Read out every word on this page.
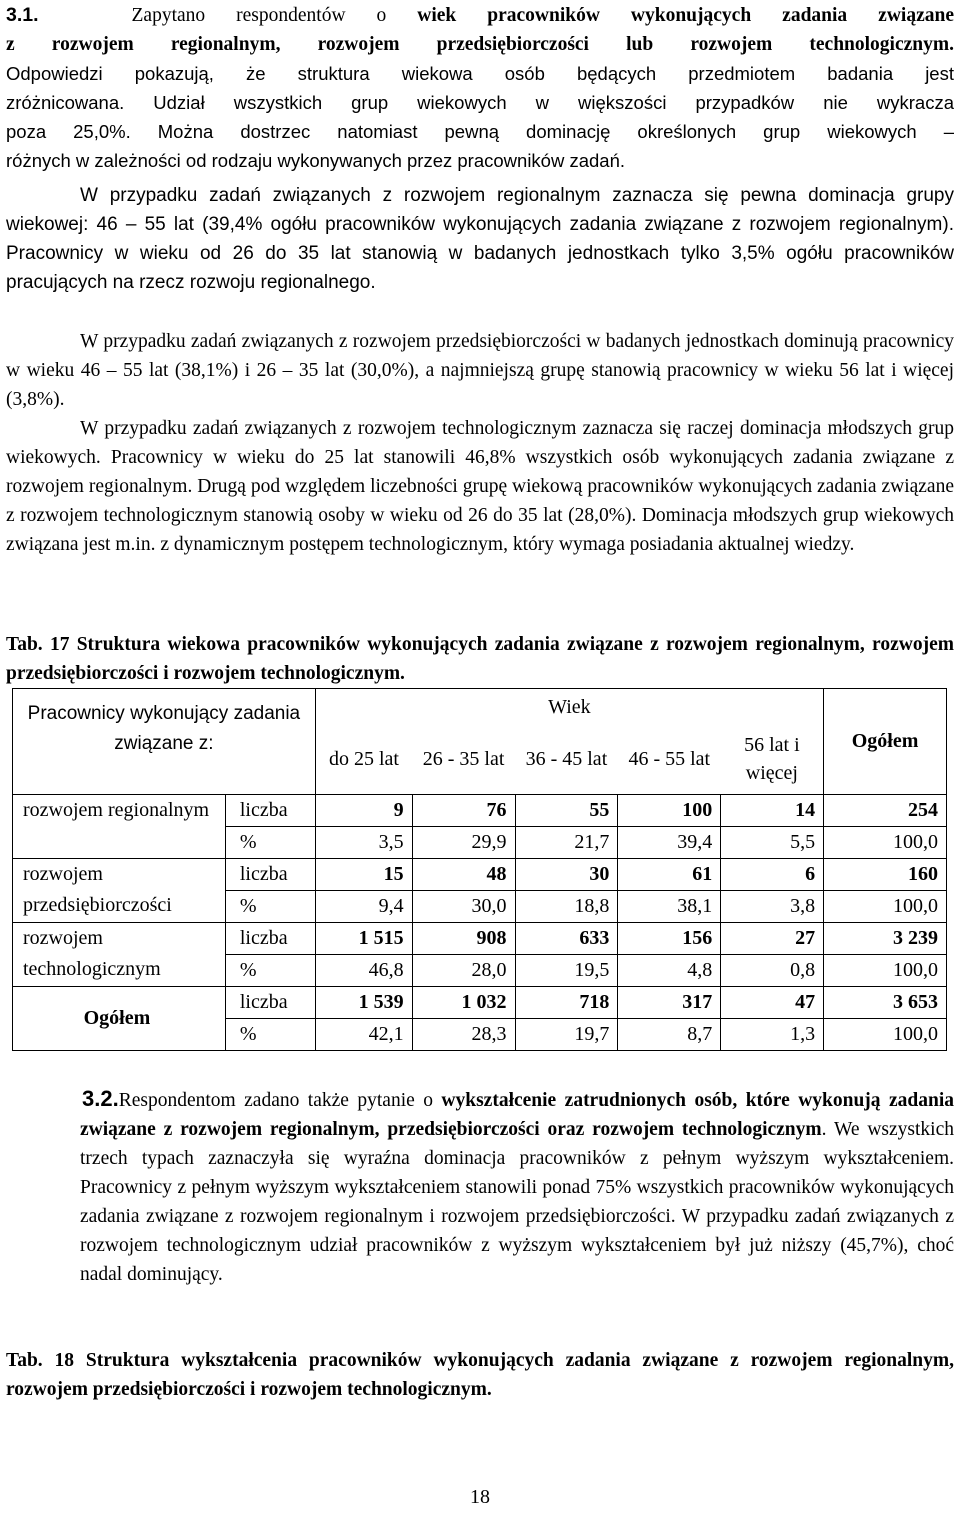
3.1.	Zapytano respondentów o wiek pracowników wykonujących zadania związane
z rozwojem regionalnym, rozwojem przedsiębiorczości lub rozwojem technologicznym.
Odpowiedzi pokazują, że struktura wiekowa osób będących przedmiotem badania jest
zróżnicowana. Udział wszystkich grup wiekowych w większości przypadków nie wykracza
poza 25,0%. Można dostrzec natomiast pewną dominację określonych grup wiekowych –
różnych w zależności od rodzaju wykonywanych przez pracowników zadań.

W przypadku zadań związanych z rozwojem regionalnym zaznacza się pewna dominacja grupy wiekowej: 46 – 55 lat (39,4% ogółu pracowników wykonujących zadania związane z rozwojem regionalnym). Pracownicy w wieku od 26 do 35 lat stanowią w badanych jednostkach tylko 3,5% ogółu pracowników pracujących na rzecz rozwoju regionalnego.

W przypadku zadań związanych z rozwojem przedsiębiorczości w badanych jednostkach dominują pracownicy w wieku 46 – 55 lat (38,1%) i 26 – 35 lat (30,0%), a najmniejszą grupę stanowią pracownicy w wieku 56 lat i więcej (3,8%).

W przypadku zadań związanych z rozwojem technologicznym zaznacza się raczej dominacja młodszych grup wiekowych. Pracownicy w wieku do 25 lat stanowili 46,8% wszystkich osób wykonujących zadania związane z rozwojem regionalnym. Drugą pod względem liczebności grupę wiekową pracowników wykonujących zadania związane z rozwojem technologicznym stanowią osoby w wieku od 26 do 35 lat (28,0%). Dominacja młodszych grup wiekowych związana jest m.in. z dynamicznym postępem technologicznym, który wymaga posiadania aktualnej wiedzy.

Tab. 17 Struktura wiekowa pracowników wykonujących zadania związane z rozwojem regionalnym, rozwojem przedsiębiorczości i rozwojem technologicznym.

Pracownicy wykonujący zadania związane z:		Wiek					Ogółem
		do 25 lat	26 - 35 lat	36 - 45 lat	46 - 55 lat	56 lat i więcej	
rozwojem regionalnym	liczba	9	76	55	100	14	254
	%	3,5	29,9	21,7	39,4	5,5	100,0
rozwojem przedsiębiorczości	liczba	15	48	30	61	6	160
	%	9,4	30,0	18,8	38,1	3,8	100,0
rozwojem technologicznym	liczba	1 515	908	633	156	27	3 239
	%	46,8	28,0	19,5	4,8	0,8	100,0
Ogółem	liczba	1 539	1 032	718	317	47	3 653
	%	42,1	28,3	19,7	8,7	1,3	100,0

3.2.Respondentom zadano także pytanie o wykształcenie zatrudnionych osób, które wykonują zadania związane z rozwojem regionalnym, przedsiębiorczości oraz rozwojem technologicznym. We wszystkich trzech typach zaznaczyła się wyraźna dominacja pracowników z pełnym wyższym wykształceniem. Pracownicy z pełnym wyższym wykształceniem stanowili ponad 75% wszystkich pracowników wykonujących zadania związane z rozwojem regionalnym i rozwojem przedsiębiorczości. W przypadku zadań związanych z rozwojem technologicznym udział pracowników z wyższym wykształceniem był już niższy (45,7%), choć nadal dominujący.

Tab. 18 Struktura wykształcenia pracowników wykonujących zadania związane z rozwojem regionalnym, rozwojem przedsiębiorczości i rozwojem technologicznym.

18
